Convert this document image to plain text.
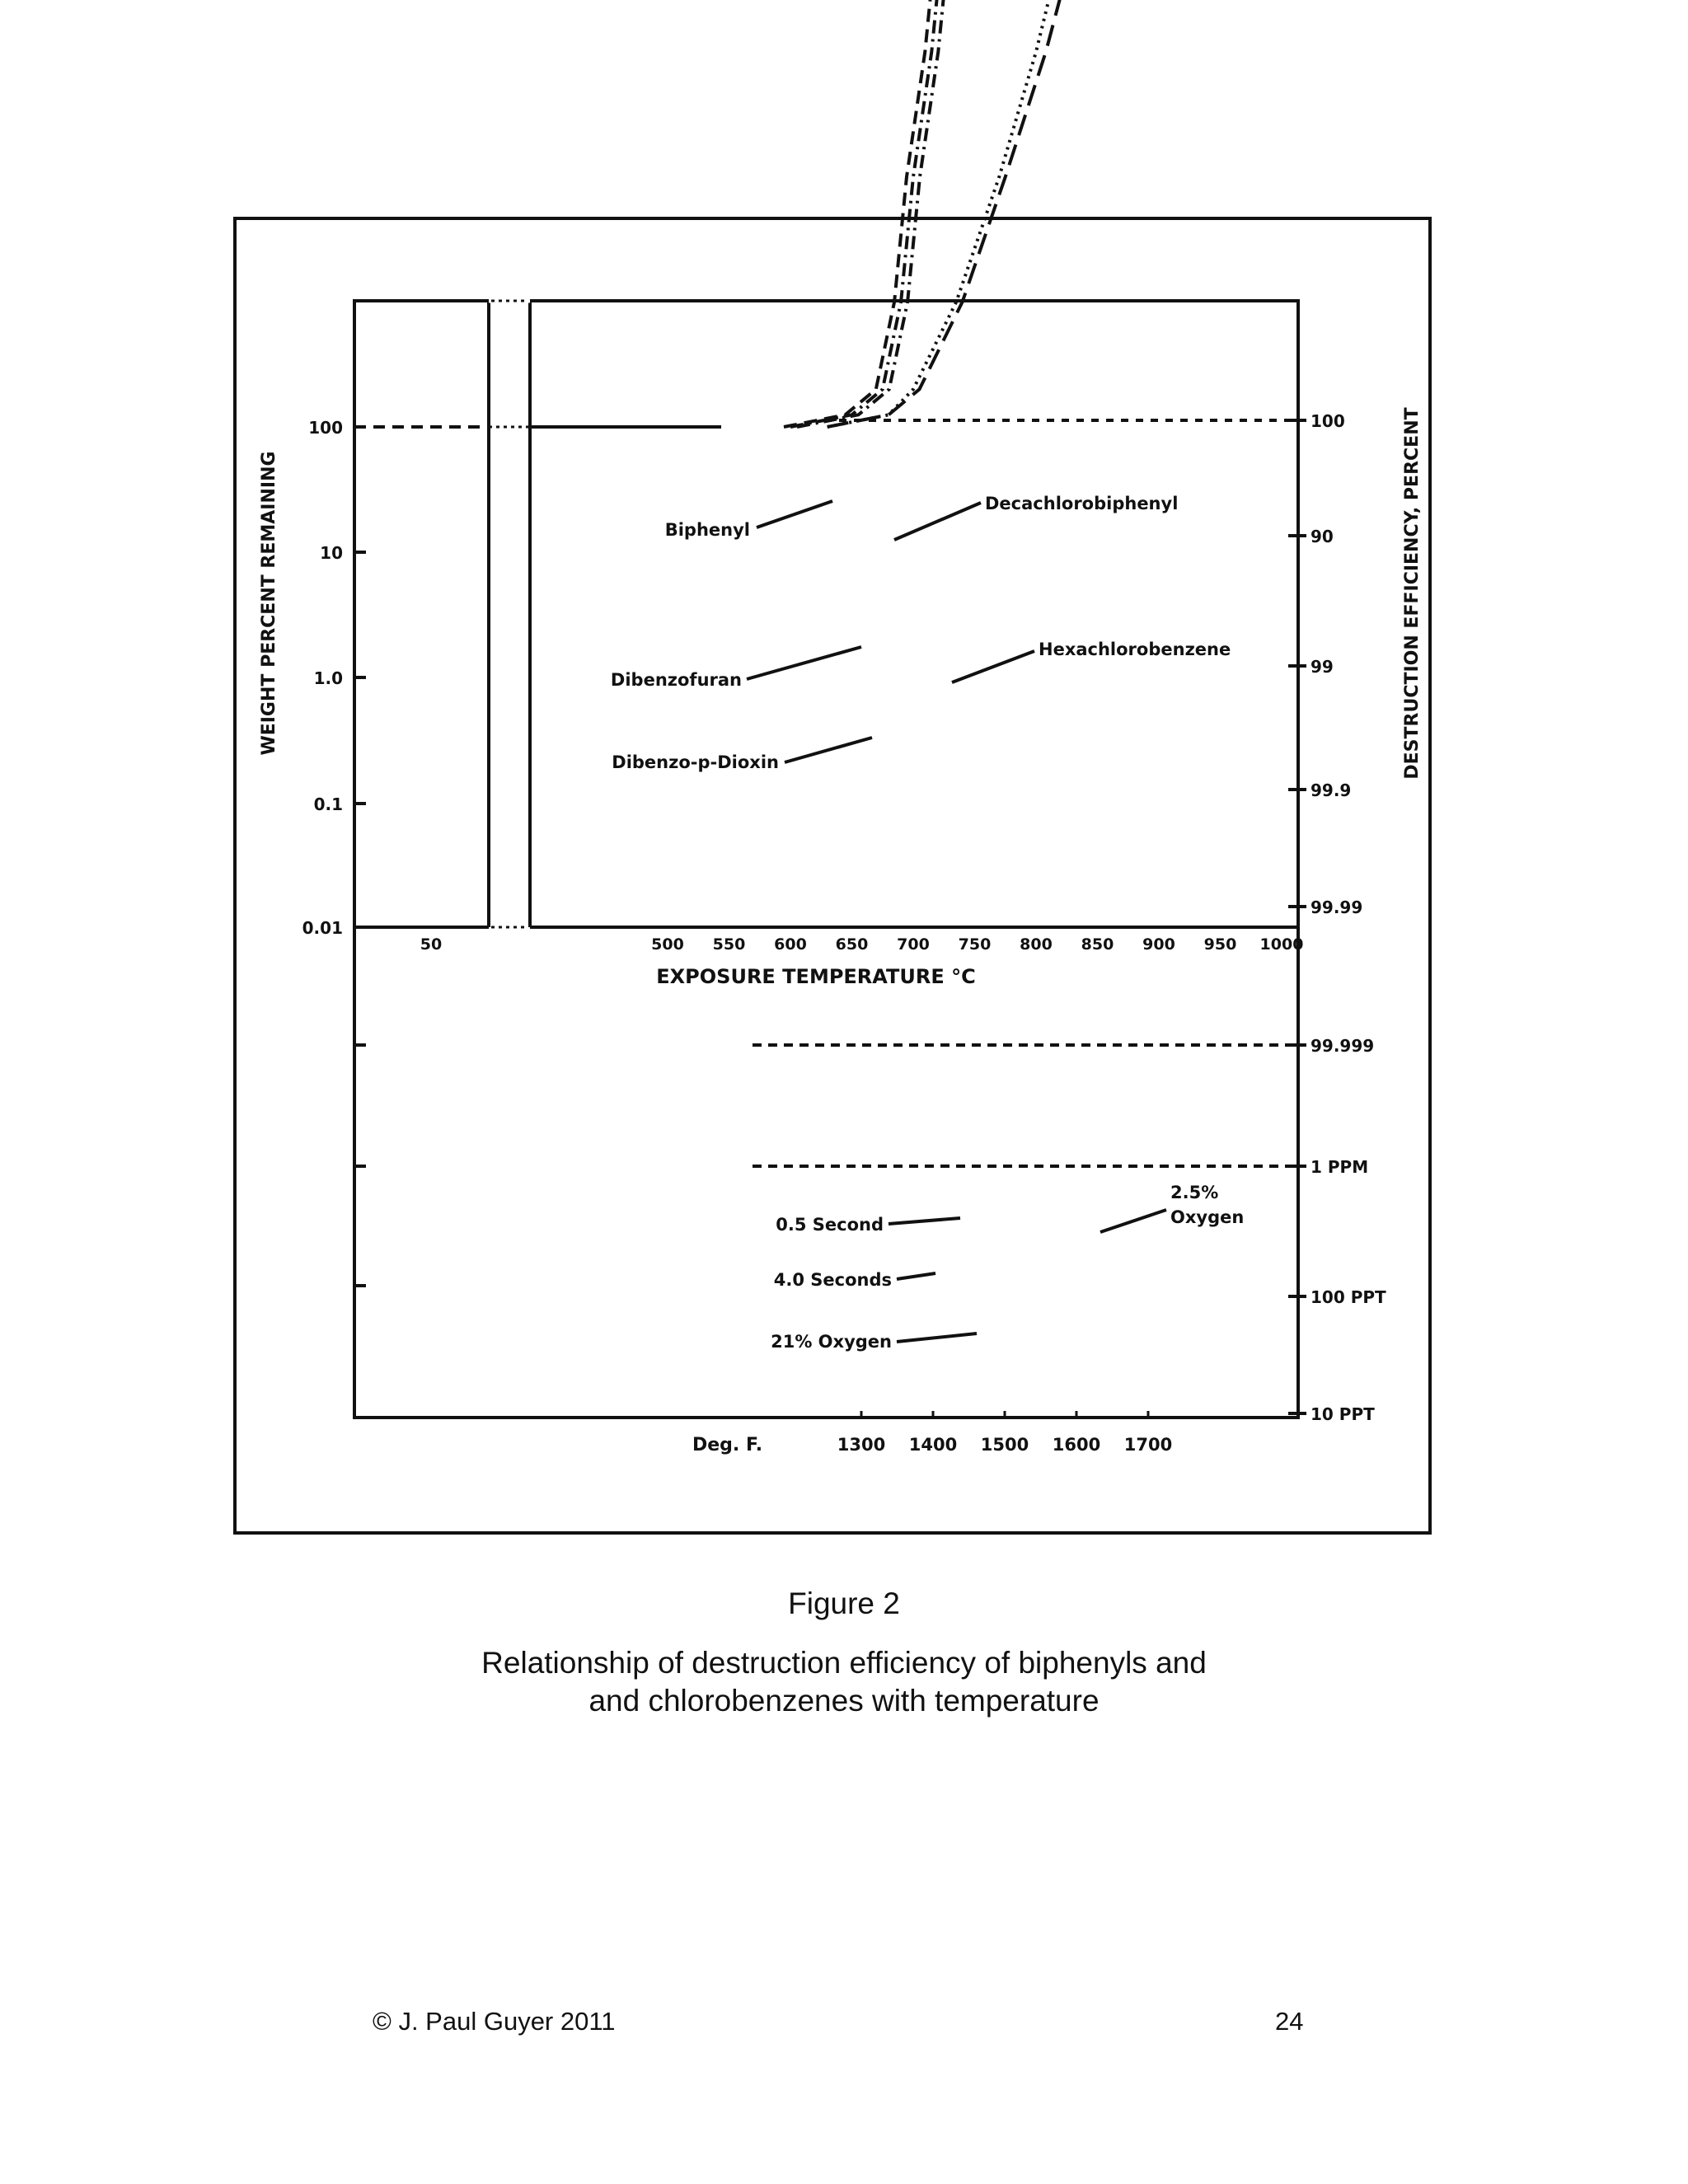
100
10
1.0
0.1
0.01
100
90
99
99.9
99.99
99.999
1 PPM
100 PPT
10 PPT
50	500 550 600 650 700 750 800 850 900 950 1000
1300 1400 1500 1600 1700
Biphenyl
Dibenzofuran
Dibenzo-p-Dioxin
Decachlorobiphenyl
Hexachlorobenzene
0.5 Second
4.0 Seconds
21% Oxygen
2.5%
Oxygen
WEIGHT PERCENT REMAINING	DESTRUCTION EFFICIENCY, PERCENT
EXPOSURE TEMPERATURE °C
Deg. F.
Figure 2
Relationship of destruction efficiency of biphenyls and
and chlorobenzenes with temperature
© J. Paul Guyer 2011	24
